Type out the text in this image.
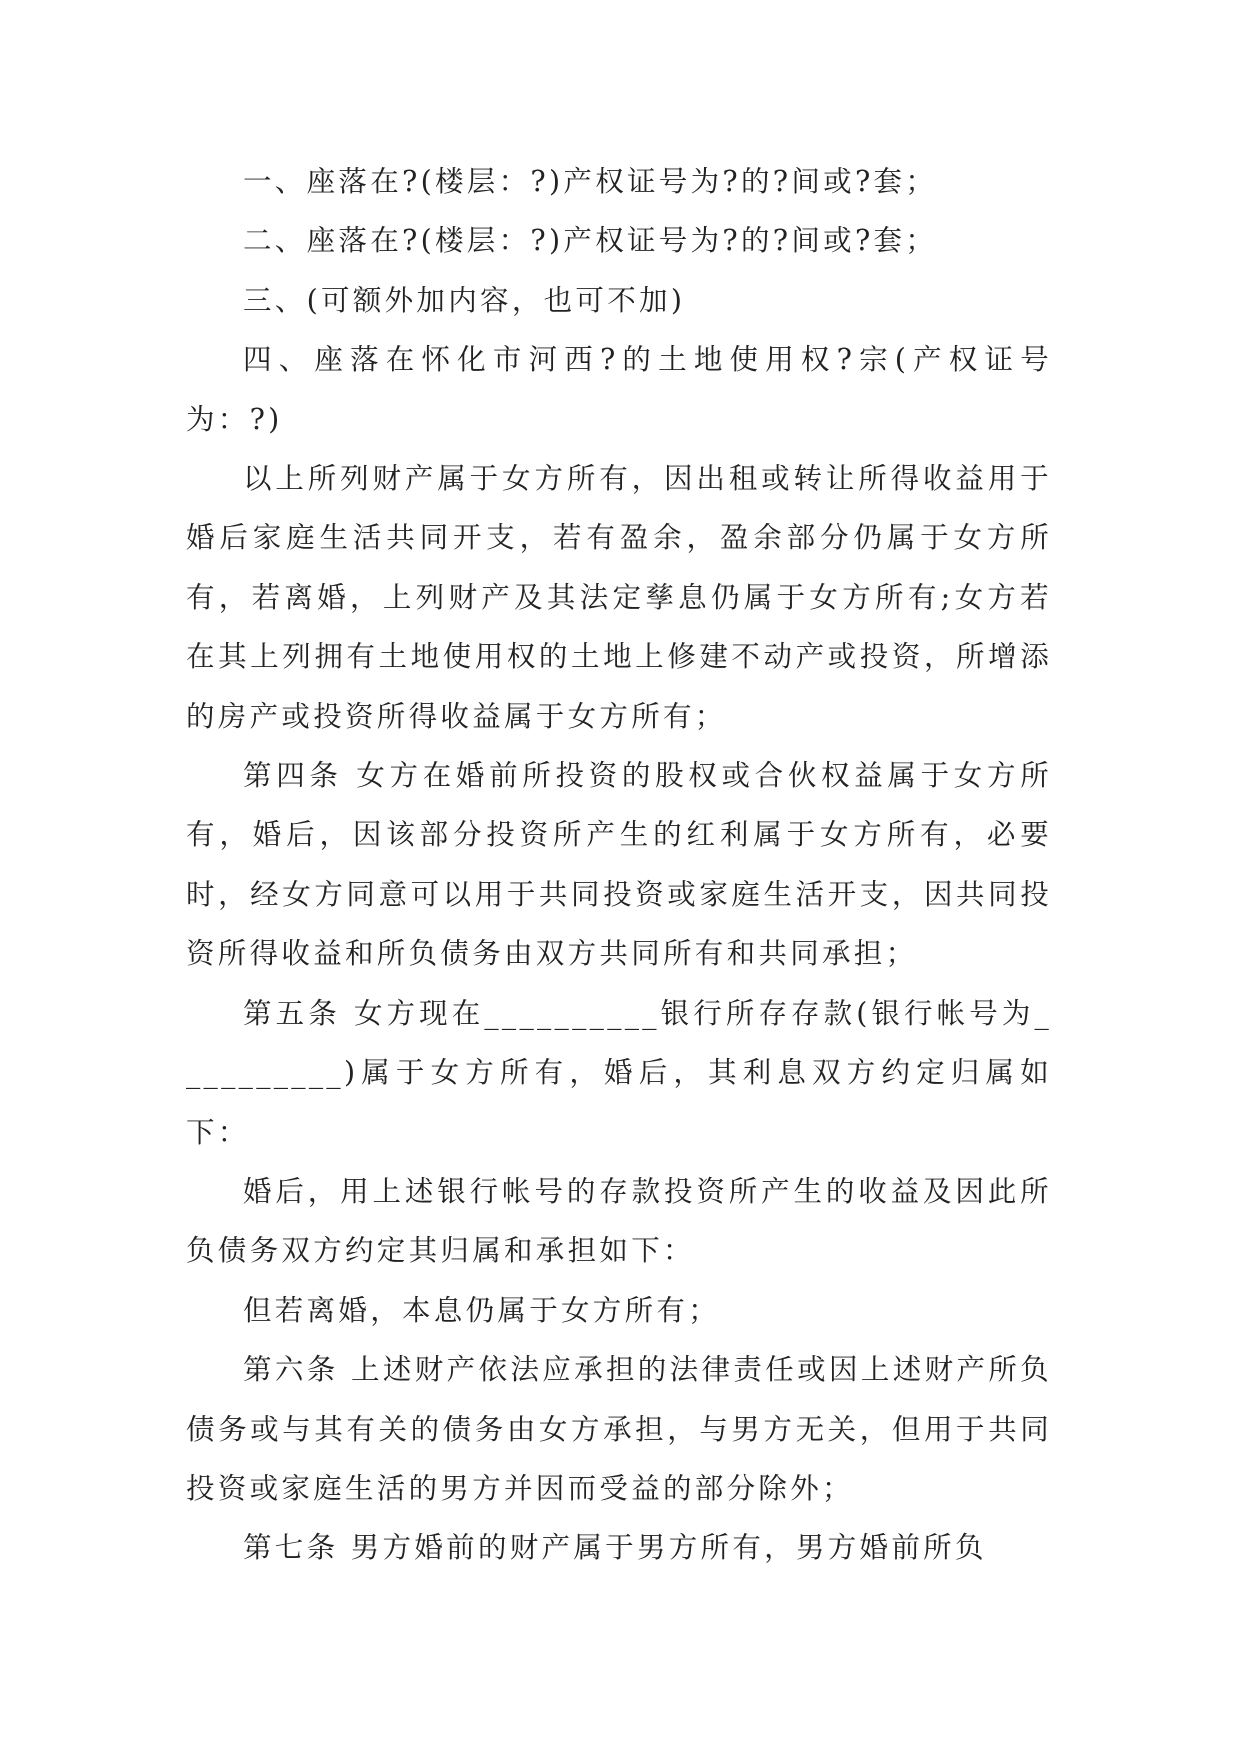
一、座落在?(楼层：?)产权证号为?的?间或?套；

二、座落在?(楼层：?)产权证号为?的?间或?套；

三、(可额外加内容，也可不加)

四、座落在怀化市河西?的土地使用权?宗(产权证号为：?)

以上所列财产属于女方所有，因出租或转让所得收益用于婚后家庭生活共同开支，若有盈余，盈余部分仍属于女方所有，若离婚，上列财产及其法定孳息仍属于女方所有;女方若在其上列拥有土地使用权的土地上修建不动产或投资，所增添的房产或投资所得收益属于女方所有；

第四条 女方在婚前所投资的股权或合伙权益属于女方所有，婚后，因该部分投资所产生的红利属于女方所有，必要时，经女方同意可以用于共同投资或家庭生活开支，因共同投资所得收益和所负债务由双方共同所有和共同承担；

第五条 女方现在__________银行所存存款(银行帐号为__________)属于女方所有，婚后，其利息双方约定归属如下：

婚后，用上述银行帐号的存款投资所产生的收益及因此所负债务双方约定其归属和承担如下：

但若离婚，本息仍属于女方所有；

第六条 上述财产依法应承担的法律责任或因上述财产所负债务或与其有关的债务由女方承担，与男方无关，但用于共同投资或家庭生活的男方并因而受益的部分除外；

第七条 男方婚前的财产属于男方所有，男方婚前所负
